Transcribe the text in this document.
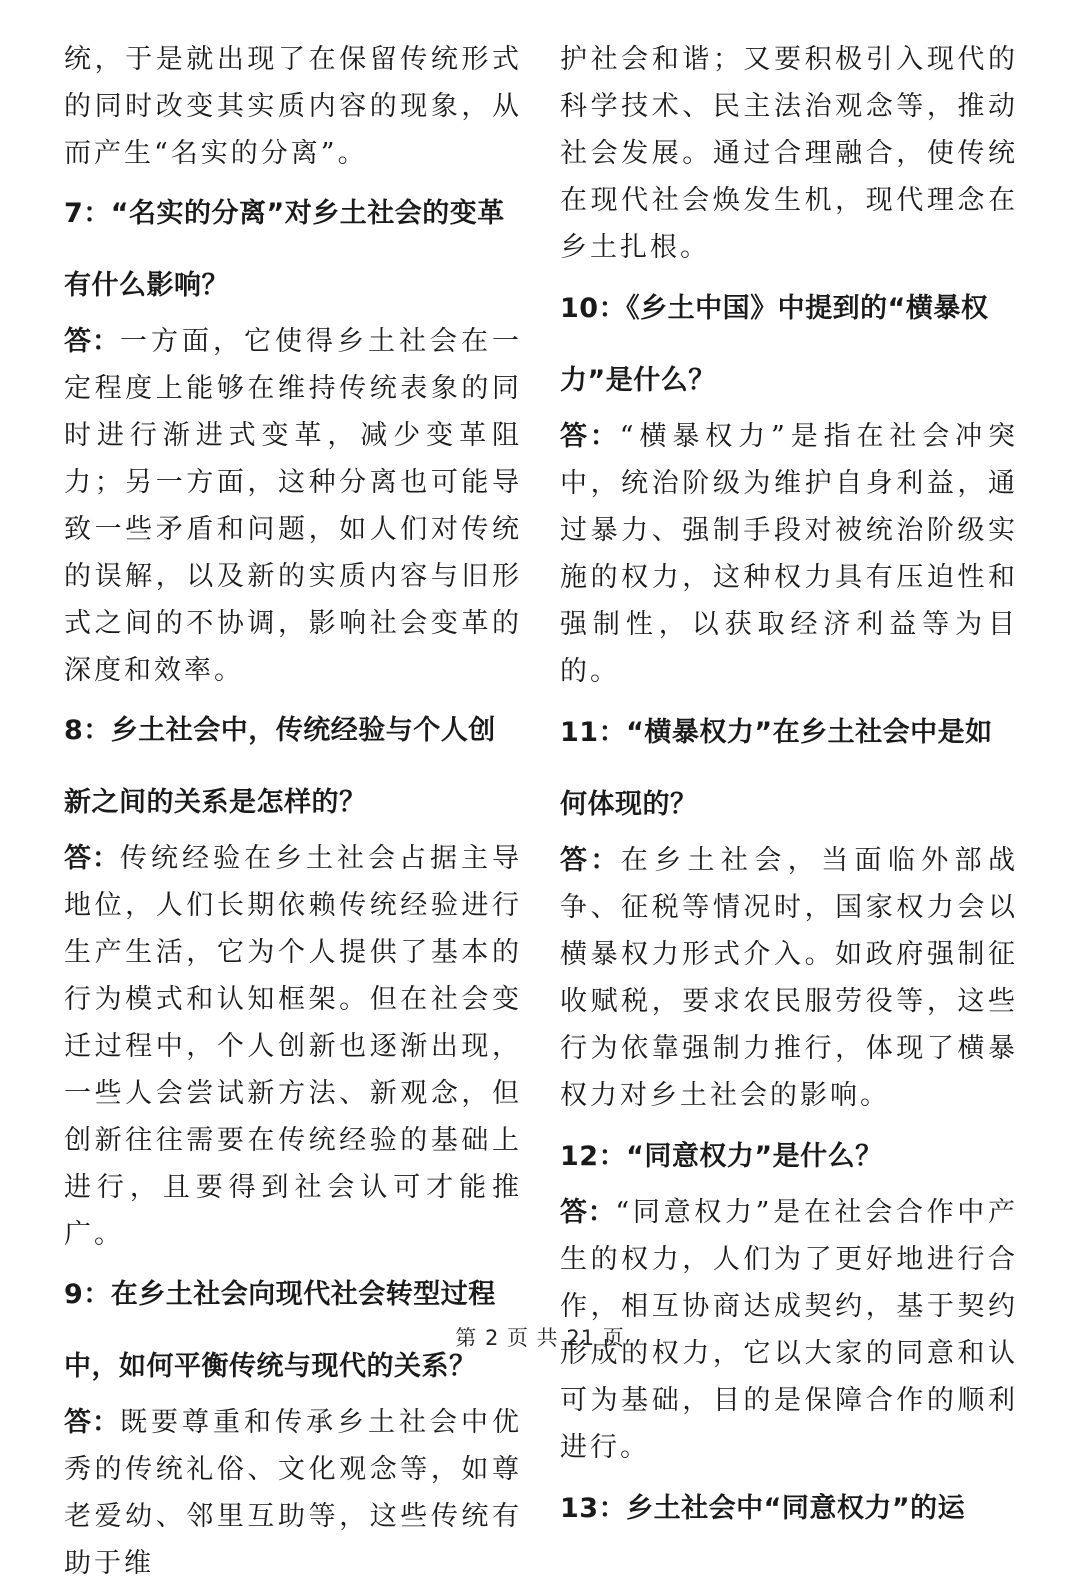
统，于是就出现了在保留传统形式的同时改变其实质内容的现象，从而产生“名实的分离”。

7：“名实的分离”对乡土社会的变革有什么影响？

答：一方面，它使得乡土社会在一定程度上能够在维持传统表象的同时进行渐进式变革，减少变革阻力；另一方面，这种分离也可能导致一些矛盾和问题，如人们对传统的误解，以及新的实质内容与旧形式之间的不协调，影响社会变革的深度和效率。

8：乡土社会中，传统经验与个人创新之间的关系是怎样的？

答：传统经验在乡土社会占据主导地位，人们长期依赖传统经验进行生产生活，它为个人提供了基本的行为模式和认知框架。但在社会变迁过程中，个人创新也逐渐出现，一些人会尝试新方法、新观念，但创新往往需要在传统经验的基础上进行，且要得到社会认可才能推广。

9：在乡土社会向现代社会转型过程中，如何平衡传统与现代的关系？

答：既要尊重和传承乡土社会中优秀的传统礼俗、文化观念等，如尊老爱幼、邻里互助等，这些传统有助于维

护社会和谐；又要积极引入现代的科学技术、民主法治观念等，推动社会发展。通过合理融合，使传统在现代社会焕发生机，现代理念在乡土扎根。

10：《乡土中国》中提到的“横暴权力”是什么？

答：“横暴权力”是指在社会冲突中，统治阶级为维护自身利益，通过暴力、强制手段对被统治阶级实施的权力，这种权力具有压迫性和强制性，以获取经济利益等为目的。

11：“横暴权力”在乡土社会中是如何体现的？

答：在乡土社会，当面临外部战争、征税等情况时，国家权力会以横暴权力形式介入。如政府强制征收赋税，要求农民服劳役等，这些行为依靠强制力推行，体现了横暴权力对乡土社会的影响。

12：“同意权力”是什么？

答：“同意权力”是在社会合作中产生的权力，人们为了更好地进行合作，相互协商达成契约，基于契约形成的权力，它以大家的同意和认可为基础，目的是保障合作的顺利进行。

13：乡土社会中“同意权力”的运
第 2 页 共 21 页
